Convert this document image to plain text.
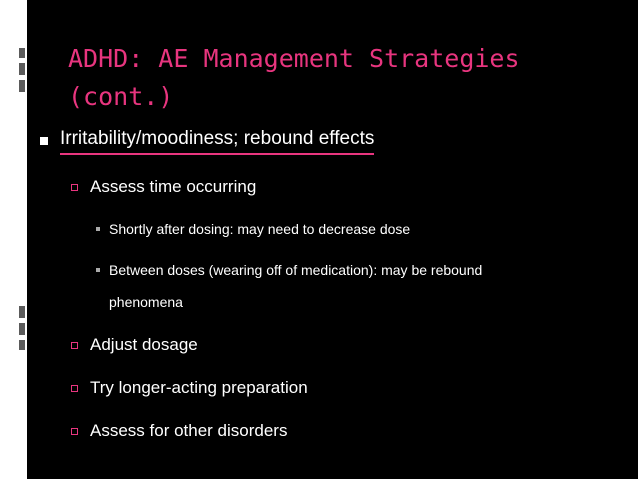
ADHD: AE Management Strategies
(cont.)
Irritability/moodiness; rebound effects
Assess time occurring
Shortly after dosing: may need to decrease dose
Between doses (wearing off of medication): may be rebound
phenomena
Adjust dosage
Try longer-acting preparation
Assess for other disorders
